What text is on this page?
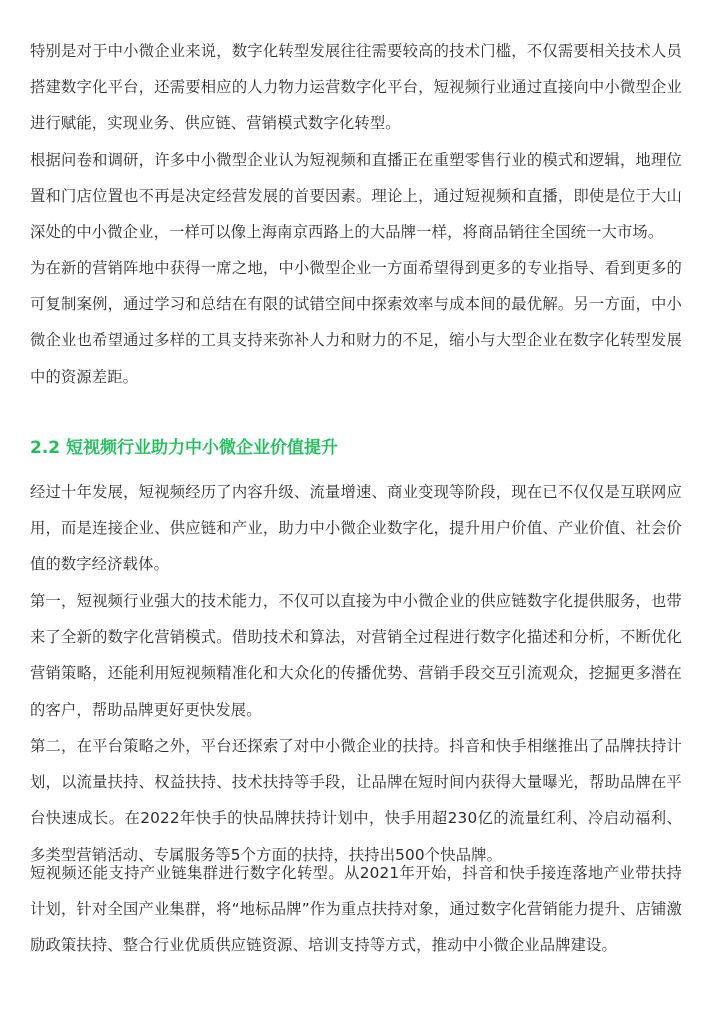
特别是对于中小微企业来说，数字化转型发展往往需要较高的技术门槛，不仅需要相关技术人员搭建数字化平台，还需要相应的人力物力运营数字化平台，短视频行业通过直接向中小微型企业进行赋能，实现业务、供应链、营销模式数字化转型。

根据问卷和调研，许多中小微型企业认为短视频和直播正在重塑零售行业的模式和逻辑，地理位置和门店位置也不再是决定经营发展的首要因素。理论上，通过短视频和直播，即使是位于大山深处的中小微企业，一样可以像上海南京西路上的大品牌一样，将商品销往全国统一大市场。

为在新的营销阵地中获得一席之地，中小微型企业一方面希望得到更多的专业指导、看到更多的可复制案例，通过学习和总结在有限的试错空间中探索效率与成本间的最优解。另一方面，中小微企业也希望通过多样的工具支持来弥补人力和财力的不足，缩小与大型企业在数字化转型发展中的资源差距。

2.2 短视频行业助力中小微企业价值提升

经过十年发展，短视频经历了内容升级、流量增速、商业变现等阶段，现在已不仅仅是互联网应用，而是连接企业、供应链和产业，助力中小微企业数字化，提升用户价值、产业价值、社会价值的数字经济载体。

第一，短视频行业强大的技术能力，不仅可以直接为中小微企业的供应链数字化提供服务，也带来了全新的数字化营销模式。借助技术和算法，对营销全过程进行数字化描述和分析，不断优化营销策略，还能利用短视频精准化和大众化的传播优势、营销手段交互引流观众，挖掘更多潜在的客户，帮助品牌更好更快发展。

第二，在平台策略之外，平台还探索了对中小微企业的扶持。抖音和快手相继推出了品牌扶持计划，以流量扶持、权益扶持、技术扶持等手段，让品牌在短时间内获得大量曝光，帮助品牌在平台快速成长。在2022年快手的快品牌扶持计划中，快手用超230亿的流量红利、冷启动福利、多类型营销活动、专属服务等5个方面的扶持，扶持出500个快品牌。

短视频还能支持产业链集群进行数字化转型。从2021年开始，抖音和快手接连落地产业带扶持计划，针对全国产业集群，将“地标品牌”作为重点扶持对象，通过数字化营销能力提升、店铺激励政策扶持、整合行业优质供应链资源、培训支持等方式，推动中小微企业品牌建设。
